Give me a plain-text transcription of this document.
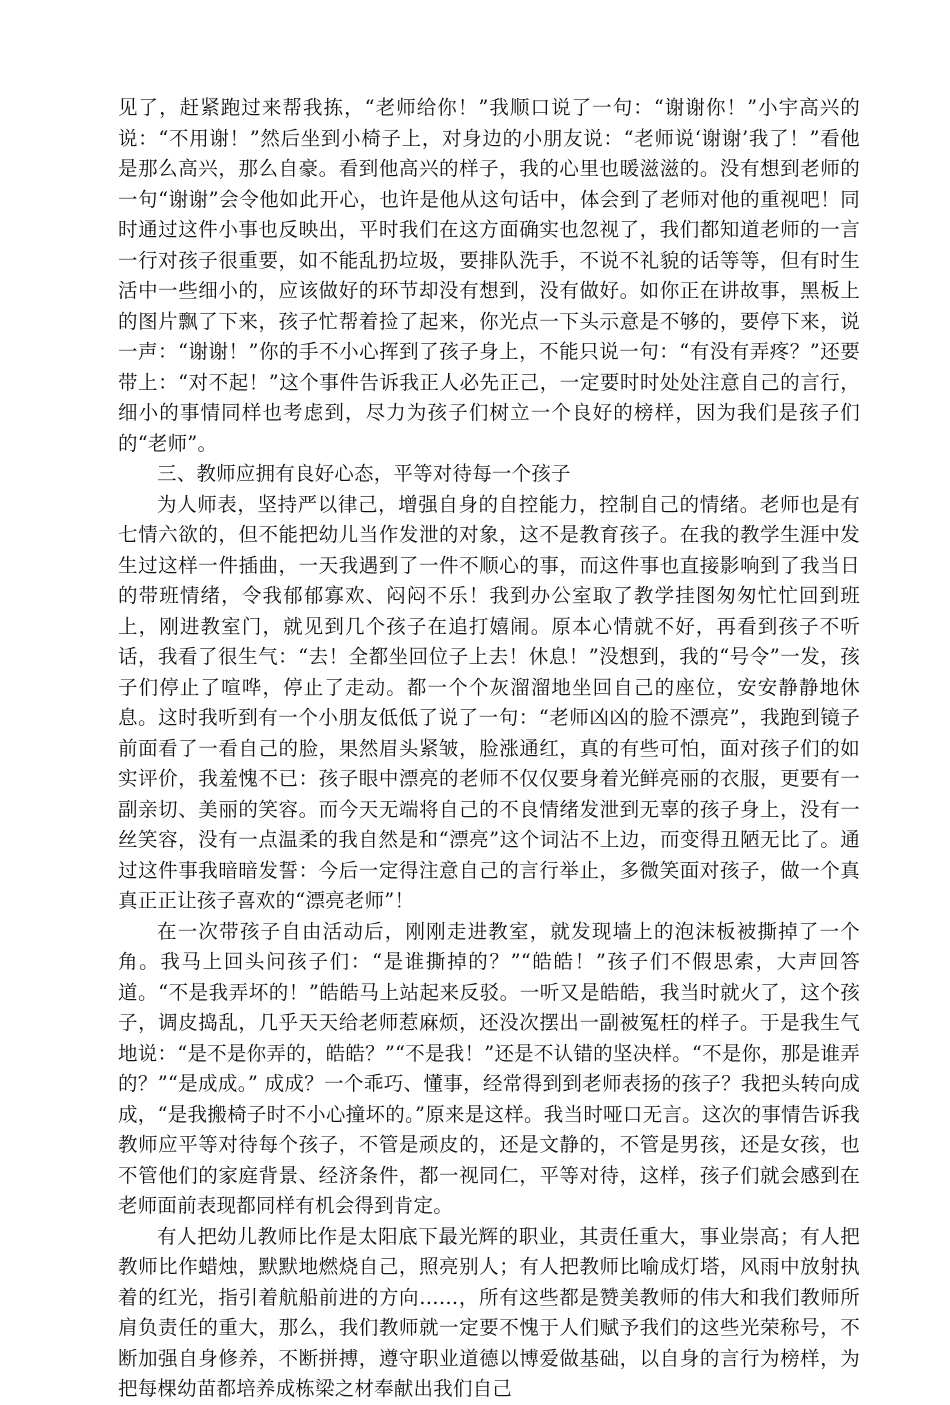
见了，赶紧跑过来帮我拣，“老师给你！”我顺口说了一句：“谢谢你！”小宇高兴的说：“不用谢！”然后坐到小椅子上，对身边的小朋友说：“老师说‘谢谢’我了！”看他是那么高兴，那么自豪。看到他高兴的样子，我的心里也暖滋滋的。没有想到老师的一句“谢谢”会令他如此开心，也许是他从这句话中，体会到了老师对他的重视吧！同时通过这件小事也反映出，平时我们在这方面确实也忽视了，我们都知道老师的一言一行对孩子很重要，如不能乱扔垃圾，要排队洗手，不说不礼貌的话等等，但有时生活中一些细小的，应该做好的环节却没有想到，没有做好。如你正在讲故事，黑板上的图片飘了下来，孩子忙帮着捡了起来，你光点一下头示意是不够的，要停下来，说一声：“谢谢！”你的手不小心挥到了孩子身上，不能只说一句：“有没有弄疼？”还要带上：“对不起！”这个事件告诉我正人必先正己，一定要时时处处注意自己的言行，细小的事情同样也考虑到，尽力为孩子们树立一个良好的榜样，因为我们是孩子们的“老师”。

三、教师应拥有良好心态，平等对待每一个孩子

为人师表，坚持严以律己，增强自身的自控能力，控制自己的情绪。老师也是有七情六欲的，但不能把幼儿当作发泄的对象，这不是教育孩子。在我的教学生涯中发生过这样一件插曲，一天我遇到了一件不顺心的事，而这件事也直接影响到了我当日的带班情绪，令我郁郁寡欢、闷闷不乐！我到办公室取了教学挂图匆匆忙忙回到班上，刚进教室门，就见到几个孩子在追打嬉闹。原本心情就不好，再看到孩子不听话，我看了很生气：“去！全都坐回位子上去！休息！”没想到，我的“号令”一发，孩子们停止了喧哗，停止了走动。都一个个灰溜溜地坐回自己的座位，安安静静地休息。这时我听到有一个小朋友低低了说了一句：“老师凶凶的脸不漂亮”，我跑到镜子前面看了一看自己的脸，果然眉头紧皱，脸涨通红，真的有些可怕，面对孩子们的如实评价，我羞愧不已：孩子眼中漂亮的老师不仅仅要身着光鲜亮丽的衣服，更要有一副亲切、美丽的笑容。而今天无端将自己的不良情绪发泄到无辜的孩子身上，没有一丝笑容，没有一点温柔的我自然是和“漂亮”这个词沾不上边，而变得丑陋无比了。通过这件事我暗暗发誓：今后一定得注意自己的言行举止，多微笑面对孩子，做一个真真正正让孩子喜欢的“漂亮老师”！

在一次带孩子自由活动后，刚刚走进教室，就发现墙上的泡沫板被撕掉了一个角。我马上回头问孩子们：“是谁撕掉的？”“皓皓！”孩子们不假思索，大声回答道。“不是我弄坏的！”皓皓马上站起来反驳。一听又是皓皓，我当时就火了，这个孩子，调皮捣乱，几乎天天给老师惹麻烦，还没次摆出一副被冤枉的样子。于是我生气地说：“是不是你弄的，皓皓？”“不是我！”还是不认错的坚决样。“不是你，那是谁弄的？”“是成成。” 成成？一个乖巧、懂事，经常得到到老师表扬的孩子？我把头转向成成，“是我搬椅子时不小心撞坏的。”原来是这样。我当时哑口无言。这次的事情告诉我教师应平等对待每个孩子，不管是顽皮的，还是文静的，不管是男孩，还是女孩，也不管他们的家庭背景、经济条件，都一视同仁，平等对待，这样，孩子们就会感到在老师面前表现都同样有机会得到肯定。

有人把幼儿教师比作是太阳底下最光辉的职业，其责任重大，事业崇高；有人把教师比作蜡烛，默默地燃烧自己，照亮别人；有人把教师比喻成灯塔，风雨中放射执着的红光，指引着航船前进的方向……，所有这些都是赞美教师的伟大和我们教师所肩负责任的重大，那么，我们教师就一定要不愧于人们赋予我们的这些光荣称号，不断加强自身修养，不断拼搏，遵守职业道德以博爱做基础，以自身的言行为榜样，为把每棵幼苗都培养成栋梁之材奉献出我们自己
